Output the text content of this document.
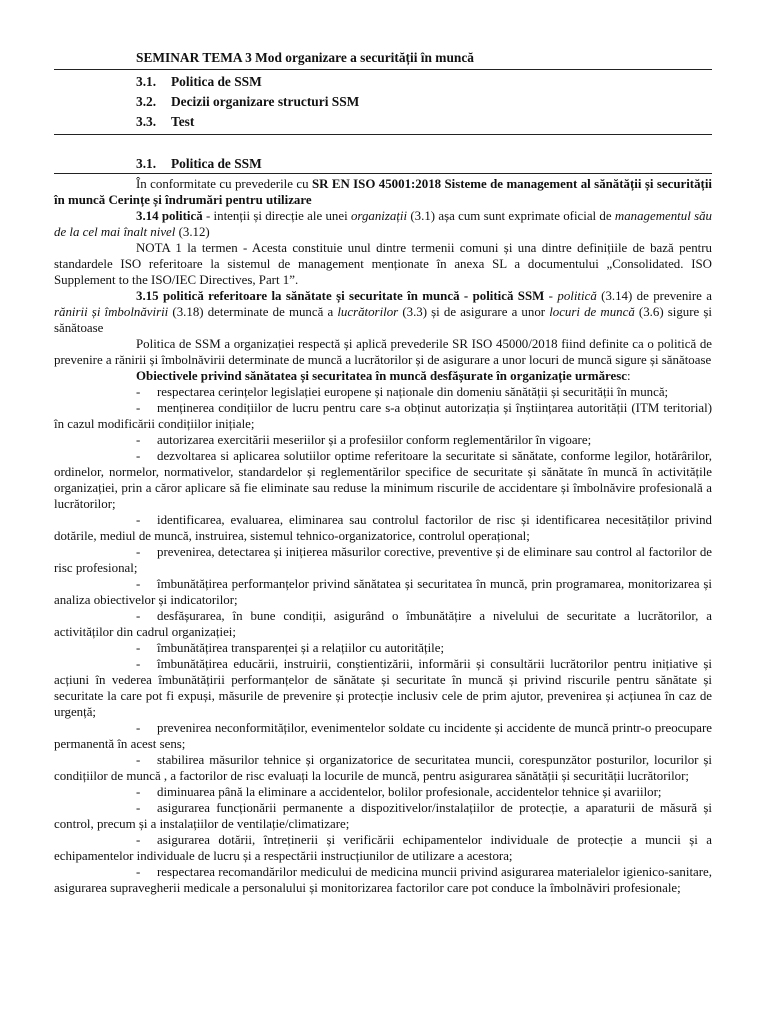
SEMINAR TEMA 3 Mod organizare a securității în muncă
3.1. Politica de SSM
3.2. Decizii organizare structuri SSM
3.3. Test
3.1. Politica de SSM

În conformitate cu prevederile cu SR EN ISO 45001:2018 Sisteme de management al sănătății și securității în muncă Cerințe și îndrumări pentru utilizare

3.14 politică - intenții și direcție ale unei organizații (3.1) așa cum sunt exprimate oficial de managementul său de la cel mai înalt nivel (3.12)

NOTA 1 la termen - Acesta constituie unul dintre termenii comuni și una dintre definițiile de bază pentru standardele ISO referitoare la sistemul de management menționate în anexa SL a documentului „Consolidated. ISO Supplement to the ISO/IEC Directives, Part 1”.

3.15 politică referitoare la sănătate și securitate în muncă - politică SSM - politică (3.14) de prevenire a rănirii și îmbolnăvirii (3.18) determinate de muncă a lucrătorilor (3.3) și de asigurare a unor locuri de muncă (3.6) sigure și sănătoase

Politica de SSM a organizației respectă și aplică prevederile SR ISO 45000/2018 fiind definite ca o politică de prevenire a rănirii și îmbolnăvirii determinate de muncă a lucrătorilor și de asigurare a unor locuri de muncă sigure și sănătoase

Obiectivele privind sănătatea și securitatea în muncă desfășurate în organizație urmăresc:

- respectarea cerințelor legislației europene și naționale din domeniu sănătății și securității în muncă;

- menținerea condițiilor de lucru pentru care s-a obținut autorizația și înștiințarea autorității (ITM teritorial) în cazul modificării condițiilor inițiale;

- autorizarea exercitării meseriilor și a profesiilor conform reglementărilor în vigoare;

- dezvoltarea si aplicarea solutiilor optime referitoare la securitate si sănătate, conforme legilor, hotărârilor, ordinelor, normelor, normativelor, standardelor și reglementărilor specifice de securitate și sănătate în muncă în activitățile organizației, prin a căror aplicare să fie eliminate sau reduse la minimum riscurile de accidentare și îmbolnăvire profesională a lucrătorilor;

- identificarea, evaluarea, eliminarea sau controlul factorilor de risc și identificarea necesităților privind dotările, mediul de muncă, instruirea, sistemul tehnico-organizatorice, controlul operațional;

- prevenirea, detectarea și inițierea măsurilor corective, preventive și de eliminare sau control al factorilor de risc profesional;

- îmbunătățirea performanțelor privind sănătatea și securitatea în muncă, prin programarea, monitorizarea și analiza obiectivelor și indicatorilor;

- desfășurarea, în bune condiții, asigurând o îmbunătățire a nivelului de securitate a lucrătorilor, a activităților din cadrul organizației;

- îmbunătățirea transparenței și a relațiilor cu autoritățile;

- îmbunătățirea educării, instruirii, conștientizării, informării și consultării lucrătorilor pentru inițiative și acțiuni în vederea îmbunătățirii performanțelor de sănătate și securitate în muncă și privind riscurile pentru sănătate și securitate la care pot fi expuși, măsurile de prevenire și protecție inclusiv cele de prim ajutor, prevenirea și acțiunea în caz de urgență;

- prevenirea neconformităților, evenimentelor soldate cu incidente și accidente de muncă printr-o preocupare permanentă în acest sens;

- stabilirea măsurilor tehnice și organizatorice de securitatea muncii, corespunzător posturilor, locurilor și condițiilor de muncă , a factorilor de risc evaluați la locurile de muncă, pentru asigurarea sănătății și securității lucrătorilor;

- diminuarea până la eliminare a accidentelor, bolilor profesionale, accidentelor tehnice și avariilor;

- asigurarea funcționării permanente a dispozitivelor/instalațiilor de protecție, a aparaturii de măsură și control, precum și a instalațiilor de ventilație/climatizare;

- asigurarea dotării, întreținerii și verificării echipamentelor individuale de protecție a muncii și a echipamentelor individuale de lucru și a respectării instrucțiunilor de utilizare a acestora;

- respectarea recomandărilor medicului de medicina muncii privind asigurarea materialelor igienico-sanitare, asigurarea supravegherii medicale a personalului și monitorizarea factorilor care pot conduce la îmbolnăviri profesionale;
